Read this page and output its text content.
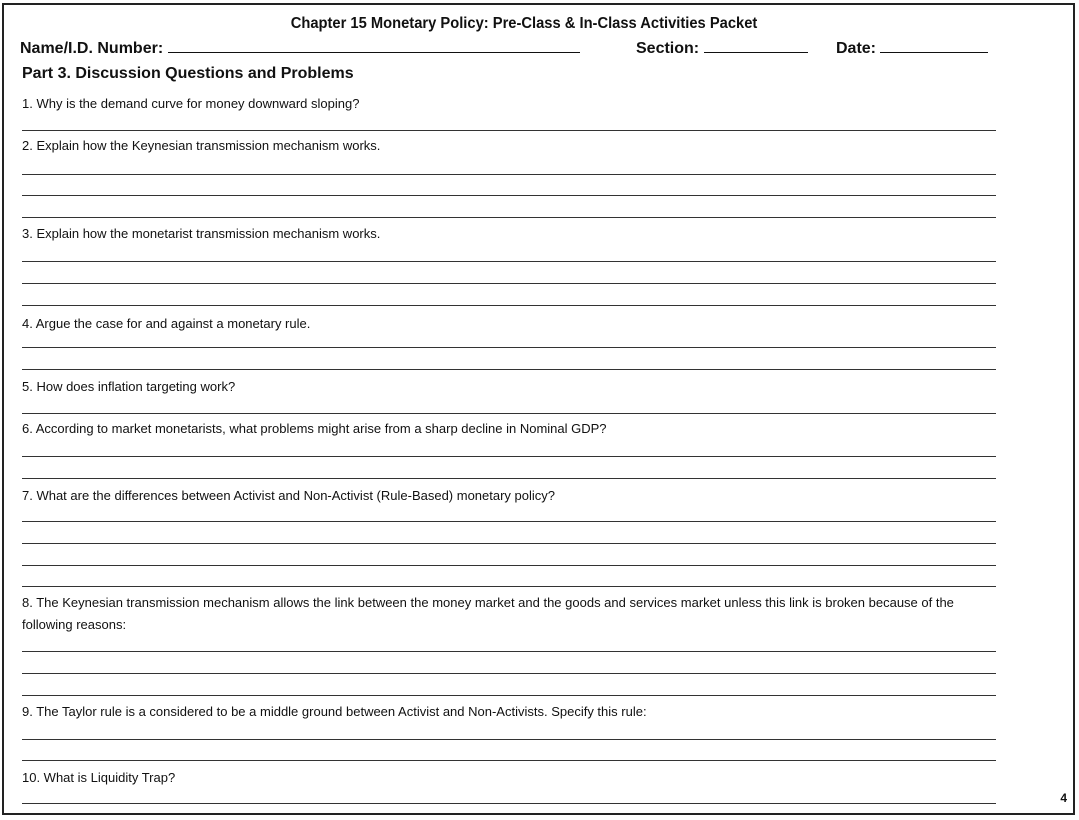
Chapter 15 Monetary Policy: Pre-Class & In-Class Activities Packet
Name/I.D. Number:	Section:	Date:
Part 3. Discussion Questions and Problems
1. Why is the demand curve for money downward sloping?
2. Explain how the Keynesian transmission mechanism works.
3. Explain how the monetarist transmission mechanism works.
4. Argue the case for and against a monetary rule.
5. How does inflation targeting work?
6. According to market monetarists, what problems might arise from a sharp decline in Nominal GDP?
7. What are the differences between Activist and Non-Activist (Rule-Based) monetary policy?
8. The Keynesian transmission mechanism allows the link between the money market and the goods and services market unless this link is broken because of the following reasons:
9. The Taylor rule is a considered to be a middle ground between Activist and Non-Activists. Specify this rule:
10. What is Liquidity Trap?
4
